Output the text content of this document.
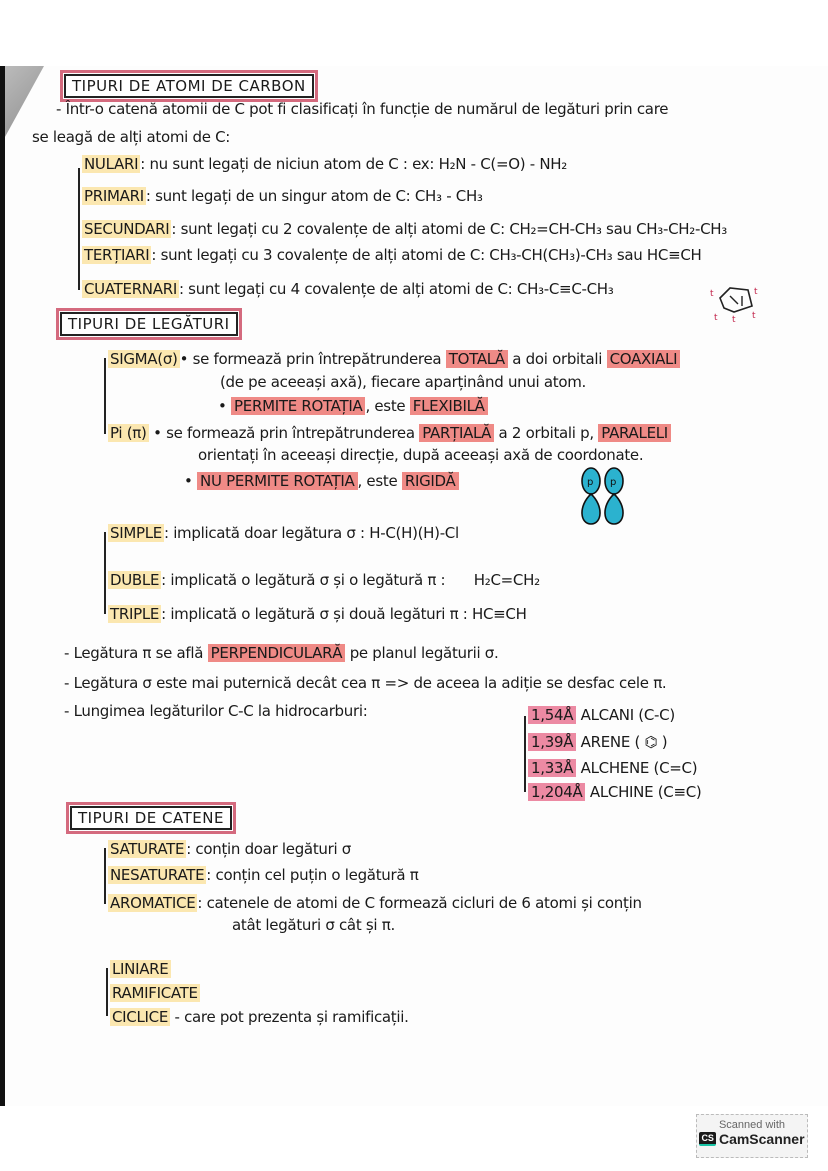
TIPURI DE ATOMI DE CARBON
- Într-o catenă atomii de C pot fi clasificați în funcție de numărul de legături prin care
se leagă de alți atomi de C:
NULARI : nu sunt legați de niciun atom de C : ex: H₂N - C(=O) - NH₂
PRIMARI : sunt legați de un singur atom de C: CH₃ - CH₃
SECUNDARI : sunt legați cu 2 covalențe de alți atomi de C: CH₂=CH-CH₃ sau CH₃-CH₂-CH₃
TERȚIARI : sunt legați cu 3 covalențe de alți atomi de C: CH₃-CH(CH₃)-CH₃ sau HC≡CH
CUATERNARI : sunt legați cu 4 covalențe de alți atomi de C: CH₃-C≡C-CH₃	t	t
t t t
TIPURI DE LEGĂTURI
SIGMA(σ) • se formează prin întrepătrunderea TOTALĂ a doi orbitali COAXIALI
(de pe aceeași axă), fiecare aparținând unui atom.
• PERMITE ROTAȚIA , este FLEXIBILĂ
Pi (π) • se formează prin întrepătrunderea PARȚIALĂ a 2 orbitali p, PARALELI
orientați în aceeași direcție, după aceeași axă de coordonate.
• NU PERMITE ROTAȚIA , este RIGIDĂ	p p
SIMPLE : implicată doar legătura σ : H-C(H)(H)-Cl
DUBLE : implicată o legătură σ și o legătură π : H₂C=CH₂
TRIPLE : implicată o legătură σ și două legături π : HC≡CH
- Legătura π se află PERPENDICULARĂ pe planul legăturii σ.
- Legătura σ este mai puternică decât cea π => de aceea la adiție se desfac cele π.
- Lungimea legăturilor C-C la hidrocarburi:	1,54Å ALCANI (C-C)
1,39Å ARENE ( ⌬ )
1,33Å ALCHENE (C=C)
1,204Å ALCHINE (C≡C)
TIPURI DE CATENE
SATURATE : conțin doar legături σ
NESATURATE : conțin cel puțin o legătură π
AROMATICE : catenele de atomi de C formează cicluri de 6 atomi și conțin
atât legături σ cât și π.
LINIARE
RAMIFICATE
CICLICE - care pot prezenta și ramificații.
Scanned with
CS CamScanner
